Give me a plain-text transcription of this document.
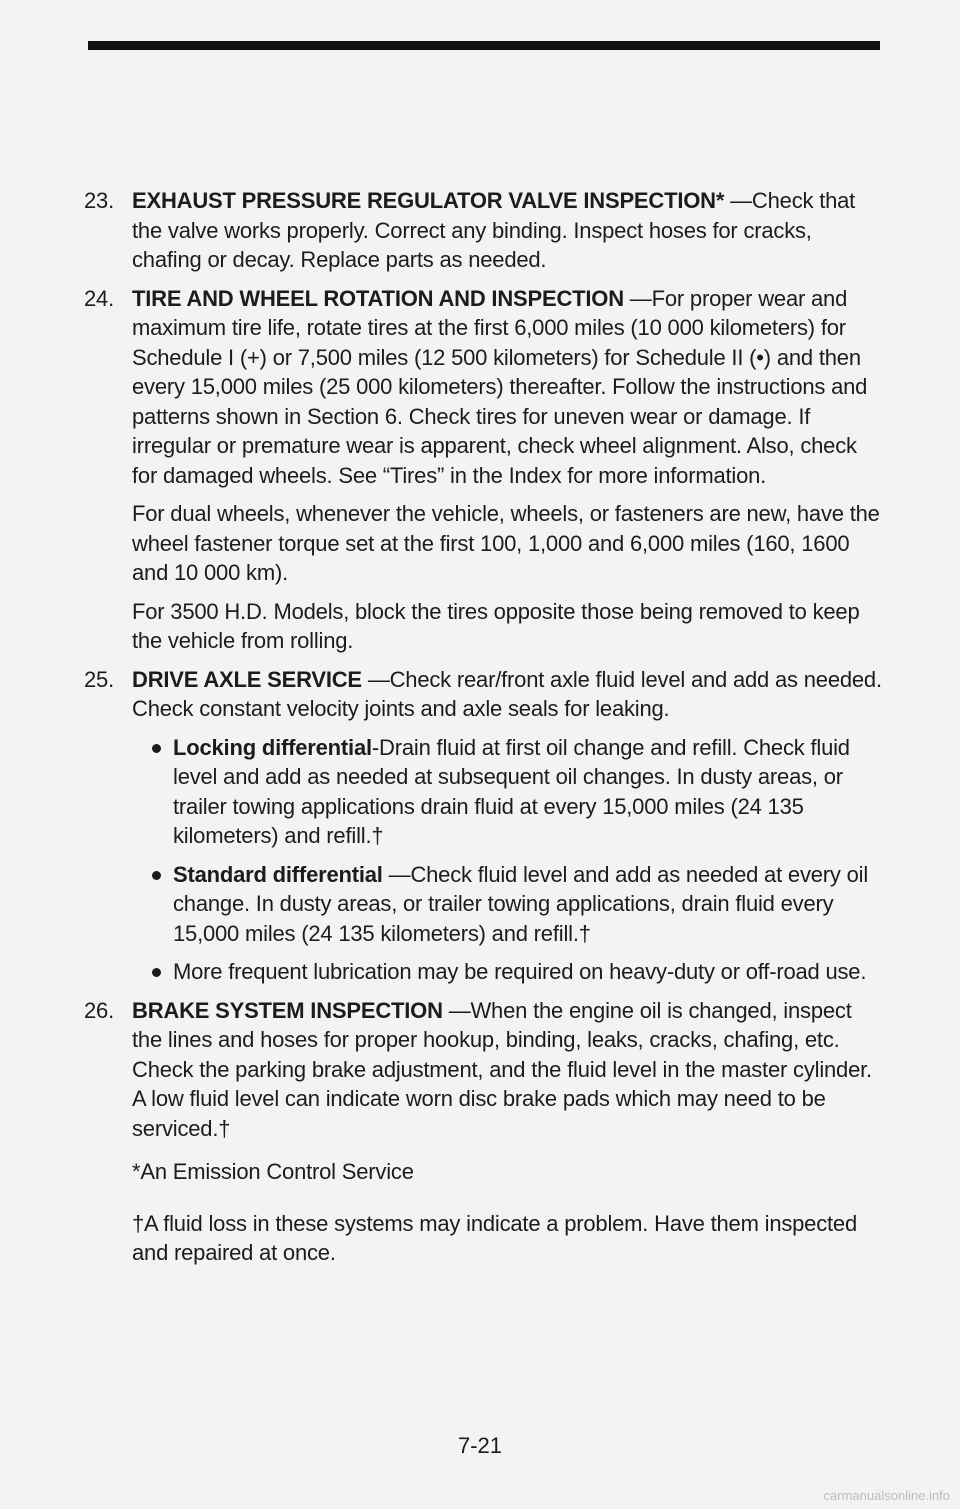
23. EXHAUST PRESSURE REGULATOR VALVE INSPECTION* —Check that the valve works properly. Correct any binding. Inspect hoses for cracks, chafing or decay. Replace parts as needed.
24. TIRE AND WHEEL ROTATION AND INSPECTION —For proper wear and maximum tire life, rotate tires at the first 6,000 miles (10 000 kilometers) for Schedule I (+) or 7,500 miles (12 500 kilometers) for Schedule II (•) and then every 15,000 miles (25 000 kilometers) thereafter. Follow the instructions and patterns shown in Section 6. Check tires for uneven wear or damage. If irregular or premature wear is apparent, check wheel alignment. Also, check for damaged wheels. See “Tires” in the Index for more information.

For dual wheels, whenever the vehicle, wheels, or fasteners are new, have the wheel fastener torque set at the first 100, 1,000 and 6,000 miles (160, 1600 and 10 000 km).

For 3500 H.D. Models, block the tires opposite those being removed to keep the vehicle from rolling.

25. DRIVE AXLE SERVICE —Check rear/front axle fluid level and add as needed. Check constant velocity joints and axle seals for leaking.
Locking differential-Drain fluid at first oil change and refill. Check fluid level and add as needed at subsequent oil changes. In dusty areas, or trailer towing applications drain fluid at every 15,000 miles (24 135 kilometers) and refill.†
Standard differential —Check fluid level and add as needed at every oil change. In dusty areas, or trailer towing applications, drain fluid every 15,000 miles (24 135 kilometers) and refill.†
More frequent lubrication may be required on heavy-duty or off-road use.
26. BRAKE SYSTEM INSPECTION —When the engine oil is changed, inspect the lines and hoses for proper hookup, binding, leaks, cracks, chafing, etc. Check the parking brake adjustment, and the fluid level in the master cylinder. A low fluid level can indicate worn disc brake pads which may need to be serviced.†

*An Emission Control Service

†A fluid loss in these systems may indicate a problem. Have them inspected and repaired at once.

7-21
carmanualsonline.info
